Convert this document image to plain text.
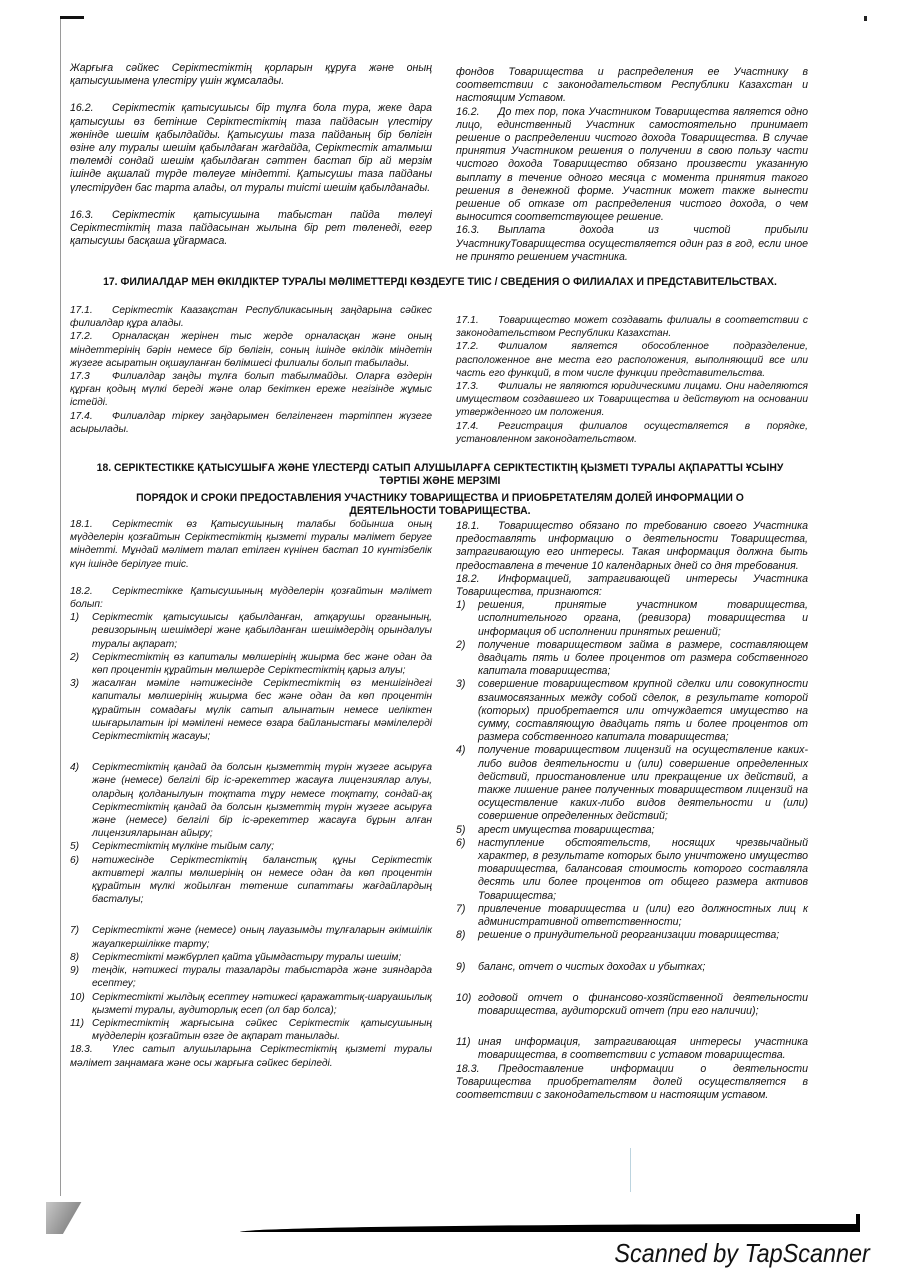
Жарғыға сәйкес Серіктестіктің қорларын құруға және оның қатысушымена үлестіру үшін жұмсалады.

16.2. Серіктестік қатысушысы бір тұлға бола тура, жеке дара қатысушы өз бетінше Серіктестіктің таза пайдасын үлестіру жөнінде шешім қабылдайды. Қатысушы таза пайданың бір бөлігін өзіне алу туралы шешім қабылдаған жағдайда, Серіктестік аталмыш төлемді сондай шешім қабылдаған сәттен бастап бір ай мерзім ішінде ақшалай түрде төлеуге міндетті. Қатысушы таза пайданы үлестіруден бас тарта алады, ол туралы тиісті шешім қабылданады.

16.3. Серіктестік қатысушына табыстан пайда төлеуі Серіктестіктің таза пайдасынан жылына бір рет төленеді, егер қатысушы басқаша ұйғармаса.

фондов Товарищества и распределения ее Участнику в соответствии с законодательством Республики Казахстан и настоящим Уставом.

16.2. До тех пор, пока Участником Товарищества является одно лицо, единственный Участник самостоятельно принимает решение о распределении чистого дохода Товарищества. В случае принятия Участником решения о получении в свою пользу части чистого дохода Товарищество обязано произвести указанную выплату в течение одного месяца с момента принятия такого решения в денежной форме. Участник может также вынести решение об отказе от распределения чистого дохода, о чем выносится соответствующее решение.

16.3. Выплата дохода из чистой прибыли УчастникуТоварищества осуществляется один раз в год, если иное не принято решением участника.

17. ФИЛИАЛДАР МЕН ӨКІЛДІКТЕР ТУРАЛЫ МӘЛІМЕТТЕРДІ КӨЗДЕУГЕ ТИІС / СВЕДЕНИЯ О ФИЛИАЛАХ И ПРЕДСТАВИТЕЛЬСТВАХ.

17.1. Серіктестік Каазақстан Республикасының заңдарына сәйкес филиалдар құра алады.

17.2. Орналасқан жерінен тыс жерде орналасқан және оның міндеттерінің бәрін немесе бір бөлігін, соның ішінде өкілдік міндетін жүзеге асыратын оқшауланған бөлімшесі филиалы болып табылады.

17.3 Филиалдар заңды тұлға болып табылмайды. Оларға өздерін құрған қодың мүлкі береді және олар бекіткен ереже негізінде жұмыс істейді.

17.4. Филиалдар тіркеу заңдарымен белгіленген тәртіппен жүзеге асырылады.

17.1. Товарищество может создавать филиалы в соответствии с законодательством Республики Казахстан.

17.2. Филиалом является обособленное подразделение, расположенное вне места его расположения, выполняющий все или часть его функций, в том числе функции представительства.

17.3. Филиалы не являются юридическими лицами. Они наделяются имуществом создавшего их Товарищества и действуют на основании утвержденного им положения.

17.4. Регистрация филиалов осуществляется в порядке, установленном законодательством.

18. СЕРІКТЕСТІККЕ ҚАТЫСУШЫҒА ЖӘНЕ ҮЛЕСТЕРДІ САТЫП АЛУШЫЛАРҒА СЕРІКТЕСТІКТІҢ ҚЫЗМЕТІ ТУРАЛЫ АҚПАРАТТЫ ҰСЫНУ ТӘРТІБІ ЖӘНЕ МЕРЗІМІ
ПОРЯДОК И СРОКИ ПРЕДОСТАВЛЕНИЯ УЧАСТНИКУ ТОВАРИЩЕСТВА И ПРИОБРЕТАТЕЛЯМ ДОЛЕЙ ИНФОРМАЦИИ О ДЕЯТЕЛЬНОСТИ ТОВАРИЩЕСТВА.

18.1. Серіктестік өз Қатысушының талабы бойынша оның мүдделерін қозғайтын Серіктестіктің қызметі туралы мәлімет беруге міндетті. Мұндай мәлімет талап етілген күнінен бастап 10 күнтізбелік күн ішінде берілуге тиіс.

18.2. Серіктестікке Қатысушының мүдделерін қозғайтын мәлімет болып:

1) Серіктестік қатысушысы қабылданған, атқарушы органының, ревизорының шешімдері және қабылданған шешімдердің орындалуы туралы ақпарат;
2) Серіктестіктің өз капиталы мөлшерінің жиырма бес және одан да көп процентін құрайтын мөлшерде Серіктестіктің қарыз алуы;
3) жасалған мәміле нәтижесінде Серіктестіктің өз меншігіндегі капиталы мөлшерінің жиырма бес және одан да көп процентін құрайтын сомадағы мүлік сатып алынатын немесе иеліктен шығарылатын ірі мәмілені немесе өзара байланыстағы мәмілелерді Серіктестіктің жасауы;
4) Серіктестіктің қандай да болсын қызметтің түрін жүзеге асыруға және (немесе) белгілі бір іс-әрекеттер жасауға лицензиялар алуы, олардың қолданылуын тоқтата тұру немесе тоқтату, сондай-ақ Серіктестіктің қандай да болсын қызметтің түрін жүзеге асыруға және (немесе) белгілі бір іс-әрекеттер жасауға бұрын алған лицензияларынан айыру;
5) Серіктестіктің мүлкіне тыйым салу;
6) нәтижесінде Серіктестіктің баланстық құны Серіктестік активтері жалпы мөлшерінің он немесе одан да көп процентін құрайтын мүлкі жойылған төтенше сипаттағы жағдайлардың басталуы;
7) Серіктестікті және (немесе) оның лауазымды тұлғаларын әкімшілік жауапкершілікке тарту;
8) Серіктестікті мәжбүрлеп қайта ұйымдастыру туралы шешім;
9) теңдік, нәтижесі туралы тазаларды табыстарда және зияндарда есептеу;
10) Серіктестікті жылдық есептеу нәтижесі қаражаттық-шаруашылық қызметі туралы, аудиторлық есеп (ол бар болса);
11) Серіктестіктің жарғысына сәйкес Серіктестік қатысушының мүдделерін қозғайтын өзге де ақпарат танылады.

18.3. Үлес сатып алушыларына Серіктестіктің қызметі туралы мәлімет заңнамаға және осы жарғыға сәйкес беріледі.

18.1. Товарищество обязано по требованию своего Участника предоставлять информацию о деятельности Товарищества, затрагивающую его интересы. Такая информация должна быть предоставлена в течение 10 календарных дней со дня требования.

18.2. Информацией, затрагивающей интересы Участника Товарищества, признаются:

1) решения, принятые участником товарищества, исполнительного органа, (ревизора) товарищества и информация об исполнении принятых решений;
2) получение товариществом займа в размере, составляющем двадцать пять и более процентов от размера собственного капитала товарищества;
3) совершение товариществом крупной сделки или совокупности взаимосвязанных между собой сделок, в результате которой (которых) приобретается или отчуждается имущество на сумму, составляющую двадцать пять и более процентов от размера собственного капитала товарищества;
4) получение товариществом лицензий на осуществление каких-либо видов деятельности и (или) совершение определенных действий, приостановление или прекращение их действий, а также лишение ранее полученных товариществом лицензий на осуществление каких-либо видов деятельности и (или) совершение определенных действий;
5) арест имущества товарищества;
6) наступление обстоятельств, носящих чрезвычайный характер, в результате которых было уничтожено имущество товарищества, балансовая стоимость которого составляла десять или более процентов от общего размера активов Товарищества;
7) привлечение товарищества и (или) его должностных лиц к административной ответственности;
8) решение о принудительной реорганизации товарищества;
9) баланс, отчет о чистых доходах и убытках;
10) годовой отчет о финансово-хозяйственной деятельности товарищества, аудиторский отчет (при его наличии);
11) иная информация, затрагивающая интересы участника товарищества, в соответствии с уставом товарищества.

18.3. Предоставление информации о деятельности Товарищества приобретателям долей осуществляется в соответствии с законодательством и настоящим уставом.

Scanned by TapScanner
